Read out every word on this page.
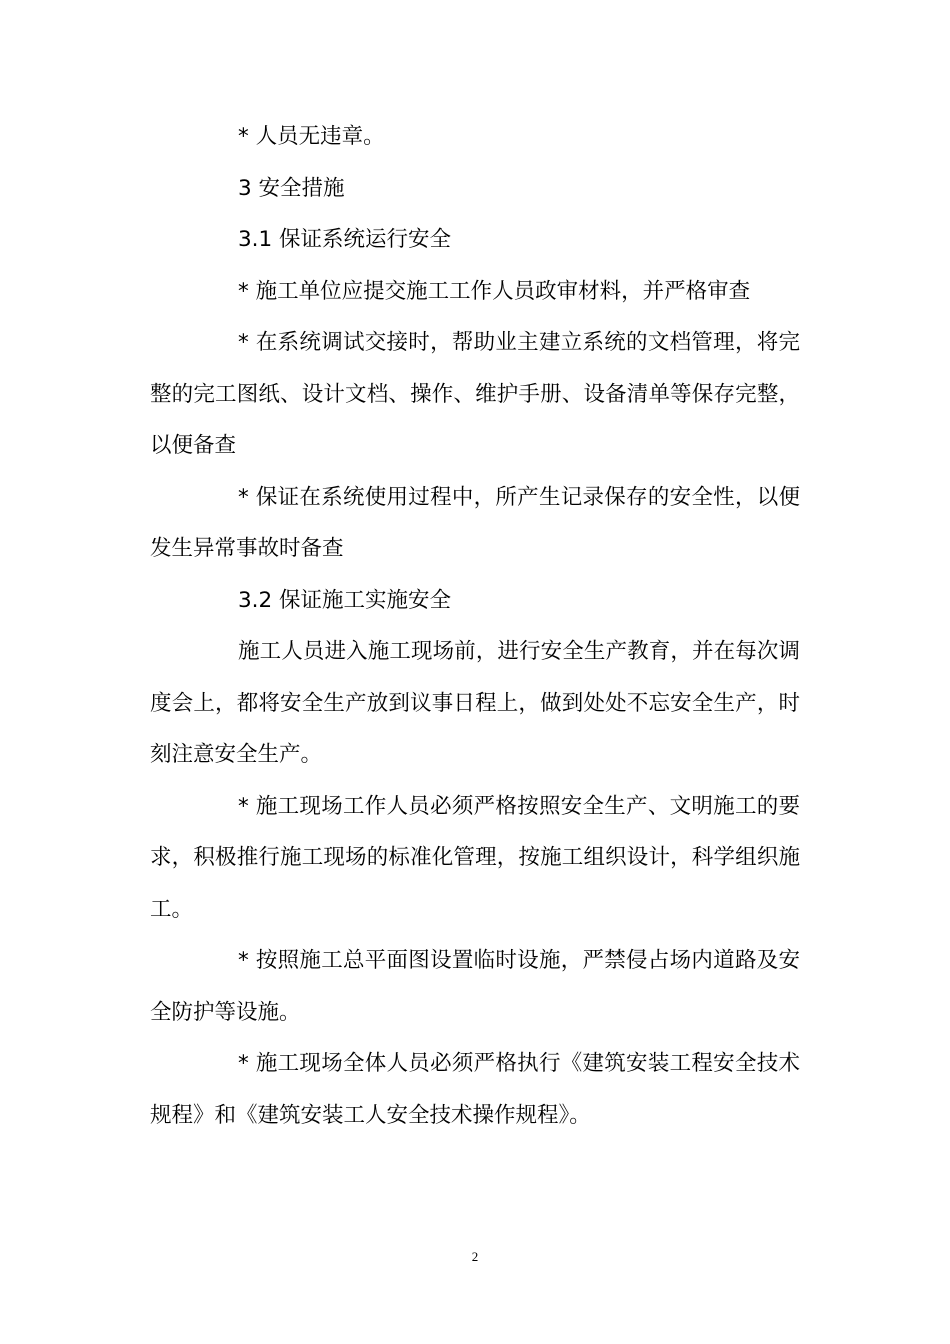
* 人员无违章。

3 安全措施

3.1 保证系统运行安全

* 施工单位应提交施工工作人员政审材料，并严格审查

* 在系统调试交接时，帮助业主建立系统的文档管理，将完整的完工图纸、设计文档、操作、维护手册、设备清单等保存完整，以便备查

* 保证在系统使用过程中，所产生记录保存的安全性，以便发生异常事故时备查

3.2 保证施工实施安全

施工人员进入施工现场前，进行安全生产教育，并在每次调度会上，都将安全生产放到议事日程上，做到处处不忘安全生产，时刻注意安全生产。

* 施工现场工作人员必须严格按照安全生产、文明施工的要求，积极推行施工现场的标准化管理，按施工组织设计，科学组织施工。

* 按照施工总平面图设置临时设施，严禁侵占场内道路及安全防护等设施。

* 施工现场全体人员必须严格执行《建筑安装工程安全技术规程》和《建筑安装工人安全技术操作规程》。

2
